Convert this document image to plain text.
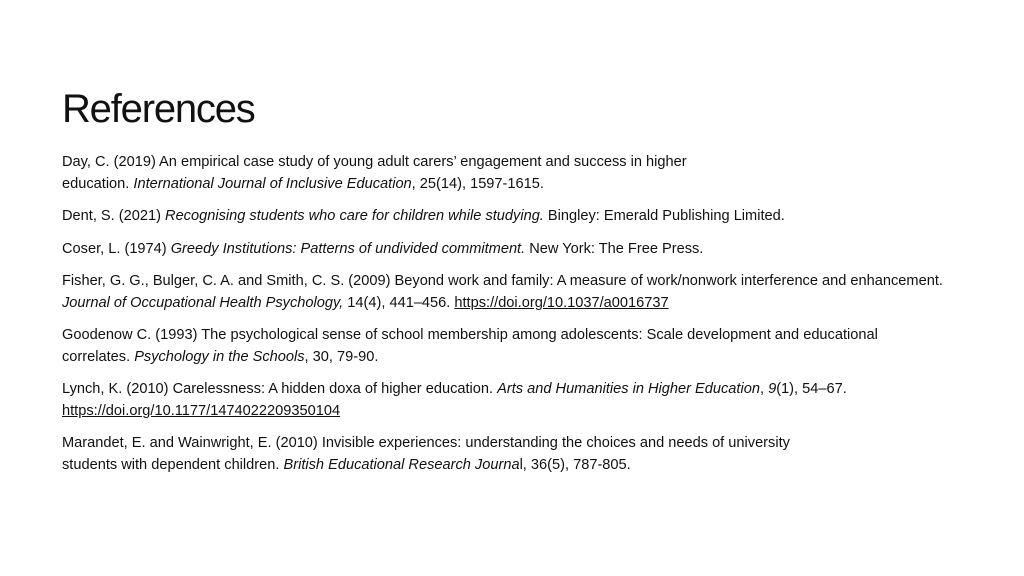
References
Day, C. (2019) An empirical case study of young adult carers’ engagement and success in higher education. International Journal of Inclusive Education, 25(14), 1597-1615.
Dent, S. (2021) Recognising students who care for children while studying. Bingley: Emerald Publishing Limited.
Coser, L. (1974) Greedy Institutions: Patterns of undivided commitment. New York: The Free Press.
Fisher, G. G., Bulger, C. A. and Smith, C. S. (2009) Beyond work and family: A measure of work/nonwork interference and enhancement. Journal of Occupational Health Psychology, 14(4), 441–456. https://doi.org/10.1037/a0016737
Goodenow C. (1993) The psychological sense of school membership among adolescents: Scale development and educational correlates. Psychology in the Schools, 30, 79-90.
Lynch, K. (2010) Carelessness: A hidden doxa of higher education. Arts and Humanities in Higher Education, 9(1), 54–67. https://doi.org/10.1177/1474022209350104
Marandet, E. and Wainwright, E. (2010) Invisible experiences: understanding the choices and needs of university students with dependent children. British Educational Research Journal, 36(5), 787-805.
